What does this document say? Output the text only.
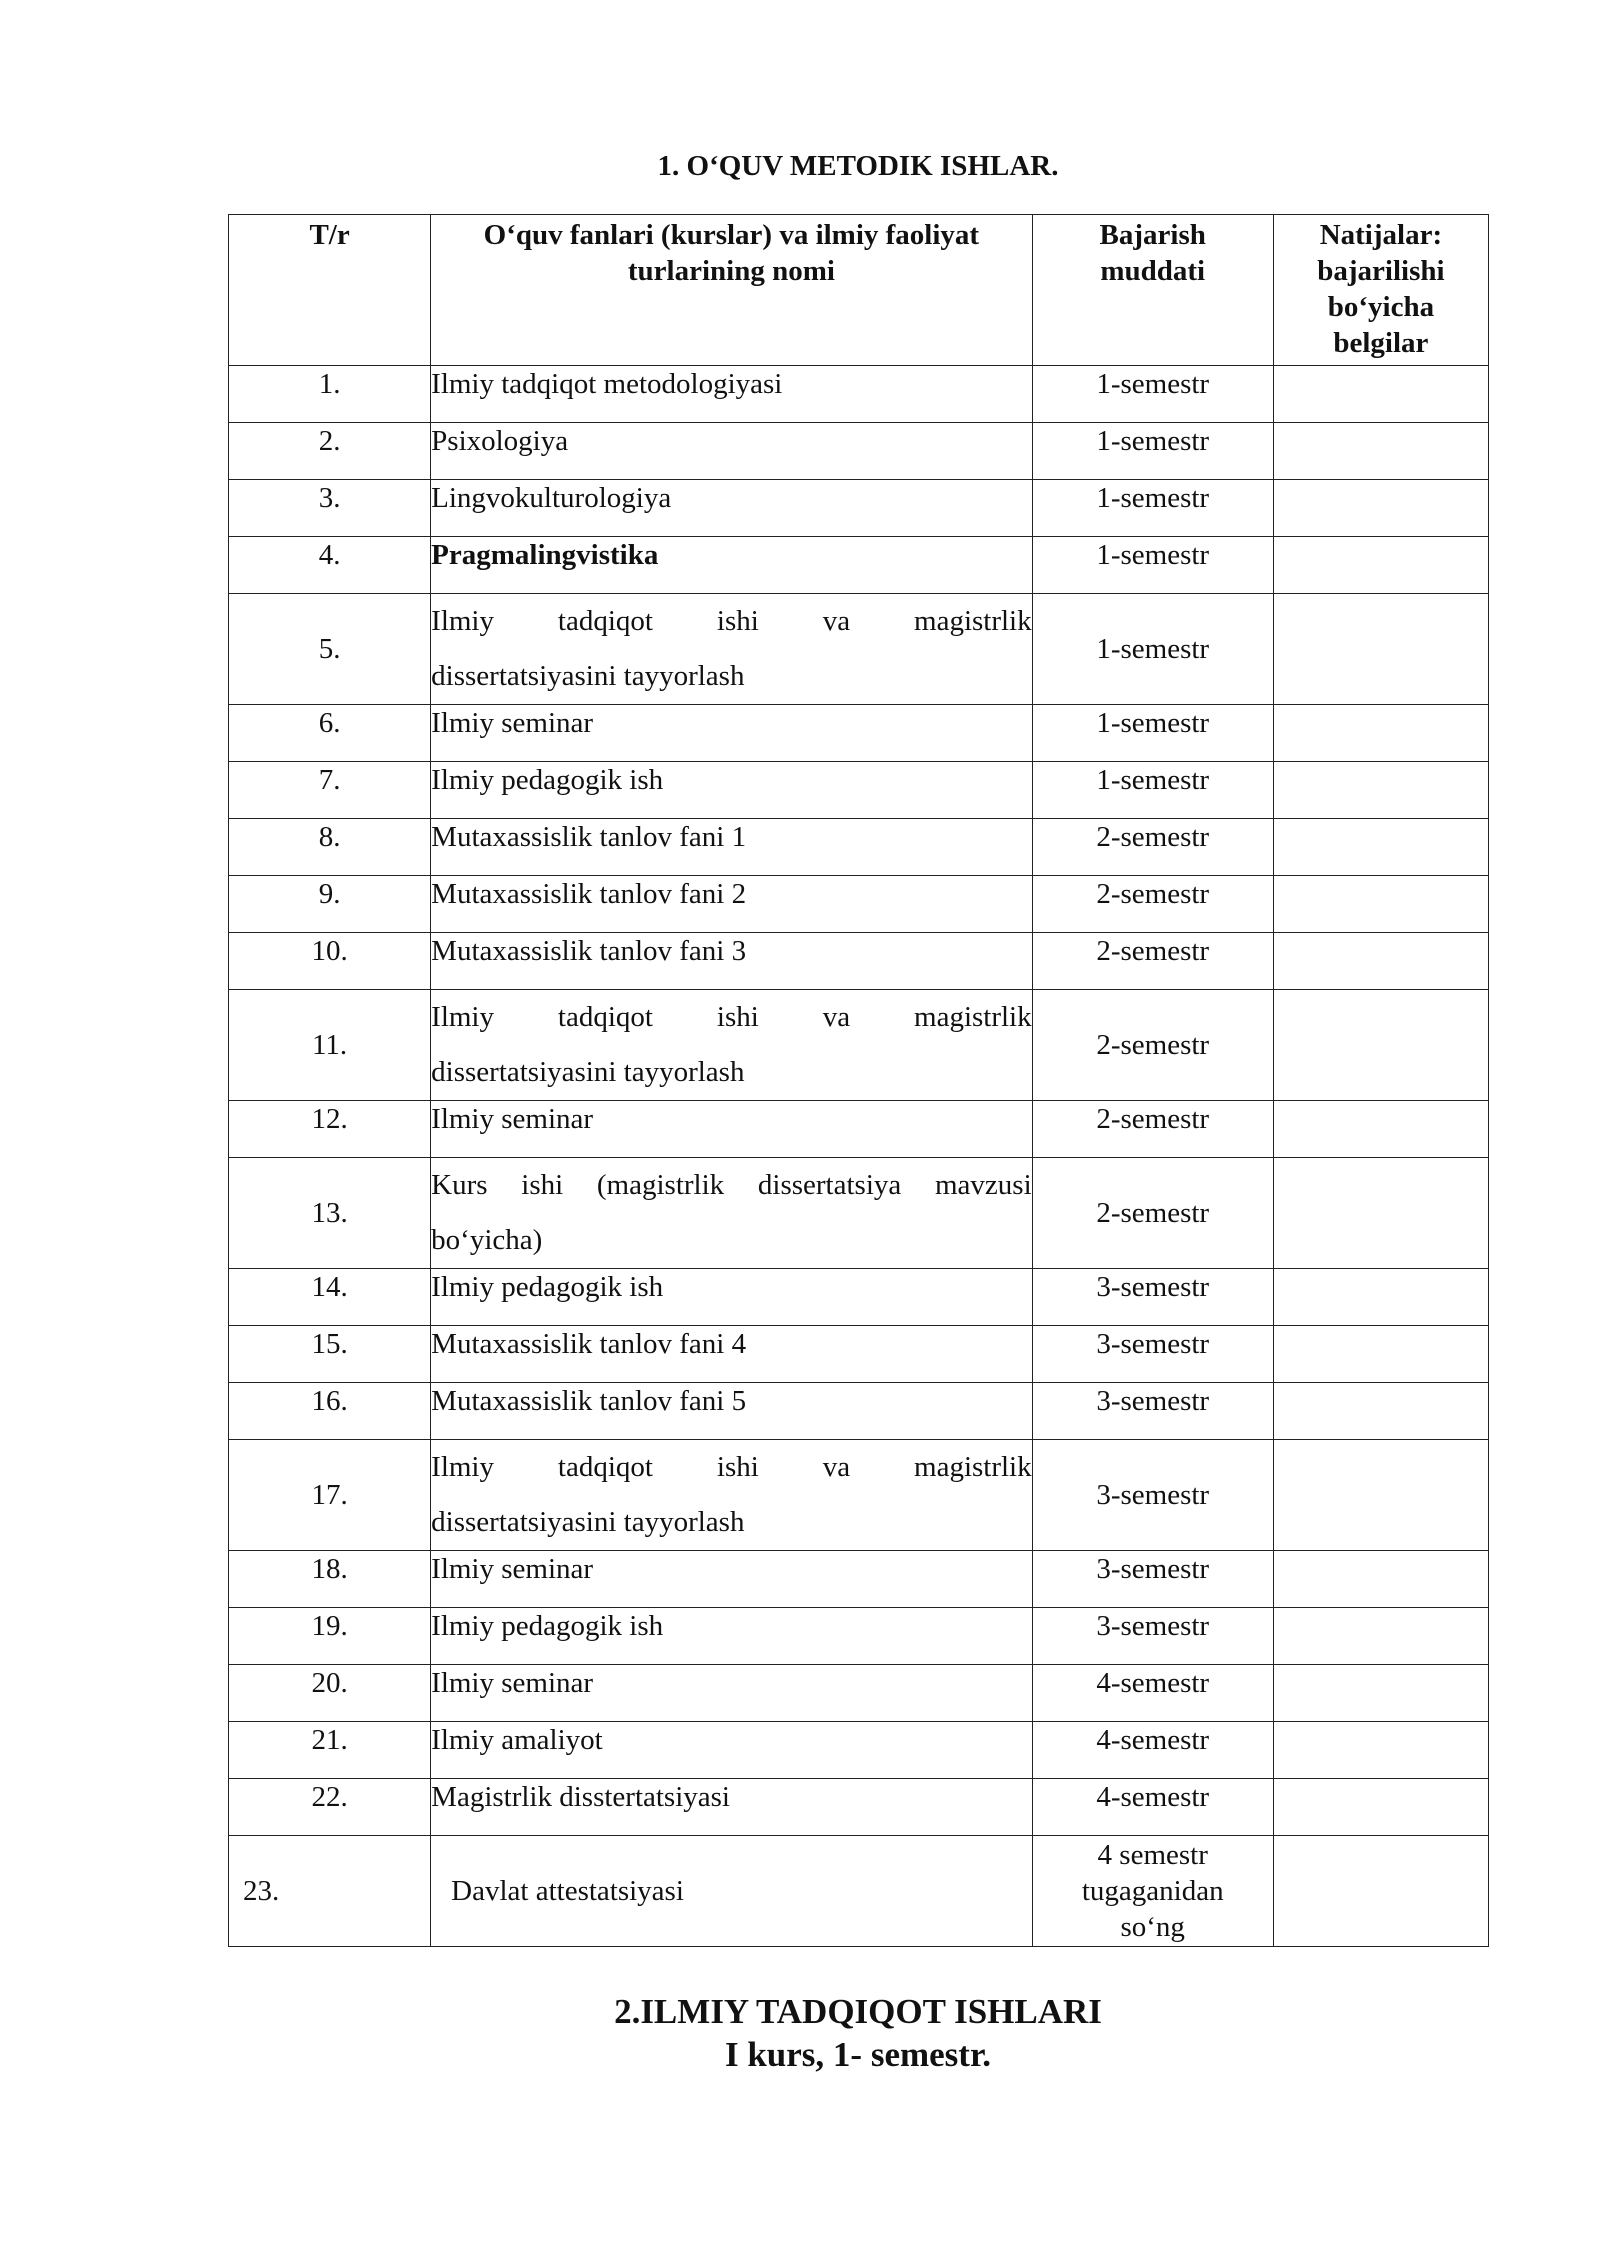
1. O‘QUV METODIK ISHLAR.
T/r	O‘quv fanlari (kurslar) va ilmiy faoliyat turlarining nomi	Bajarish muddati	Natijalar: bajarilishi bo‘yicha belgilar

1.	Ilmiy tadqiqot metodologiyasi	1-semestr	
2.	Psixologiya	1-semestr	
3.	Lingvokulturologiya	1-semestr	
4.	Pragmalingvistika	1-semestr	
5.	Ilmiy tadqiqot ishi va magistrlik
dissertatsiyasini tayyorlash	1-semestr	
6.	Ilmiy seminar	1-semestr	
7.	Ilmiy pedagogik ish	1-semestr	
8.	Mutaxassislik tanlov fani 1	2-semestr	
9.	Mutaxassislik tanlov fani 2	2-semestr	
10.	Mutaxassislik tanlov fani 3	2-semestr	
11.	Ilmiy tadqiqot ishi va magistrlik
dissertatsiyasini tayyorlash	2-semestr	
12.	Ilmiy seminar	2-semestr	
13.	Kurs ishi (magistrlik dissertatsiya mavzusi
bo‘yicha)	2-semestr	
14.	Ilmiy pedagogik ish	3-semestr	
15.	Mutaxassislik tanlov fani 4	3-semestr	
16.	Mutaxassislik tanlov fani 5	3-semestr	
17.	Ilmiy tadqiqot ishi va magistrlik
dissertatsiyasini tayyorlash	3-semestr	
18.	Ilmiy seminar	3-semestr	
19.	Ilmiy pedagogik ish	3-semestr	
20.	Ilmiy seminar	4-semestr	
21.	Ilmiy amaliyot	4-semestr	
22.	Magistrlik disstertatsiyasi	4-semestr	
23.	Davlat attestatsiyasi	4 semestr
tugaganidan
so‘ng	

2.ILMIY TADQIQOT ISHLARI
I kurs, 1- semestr.
